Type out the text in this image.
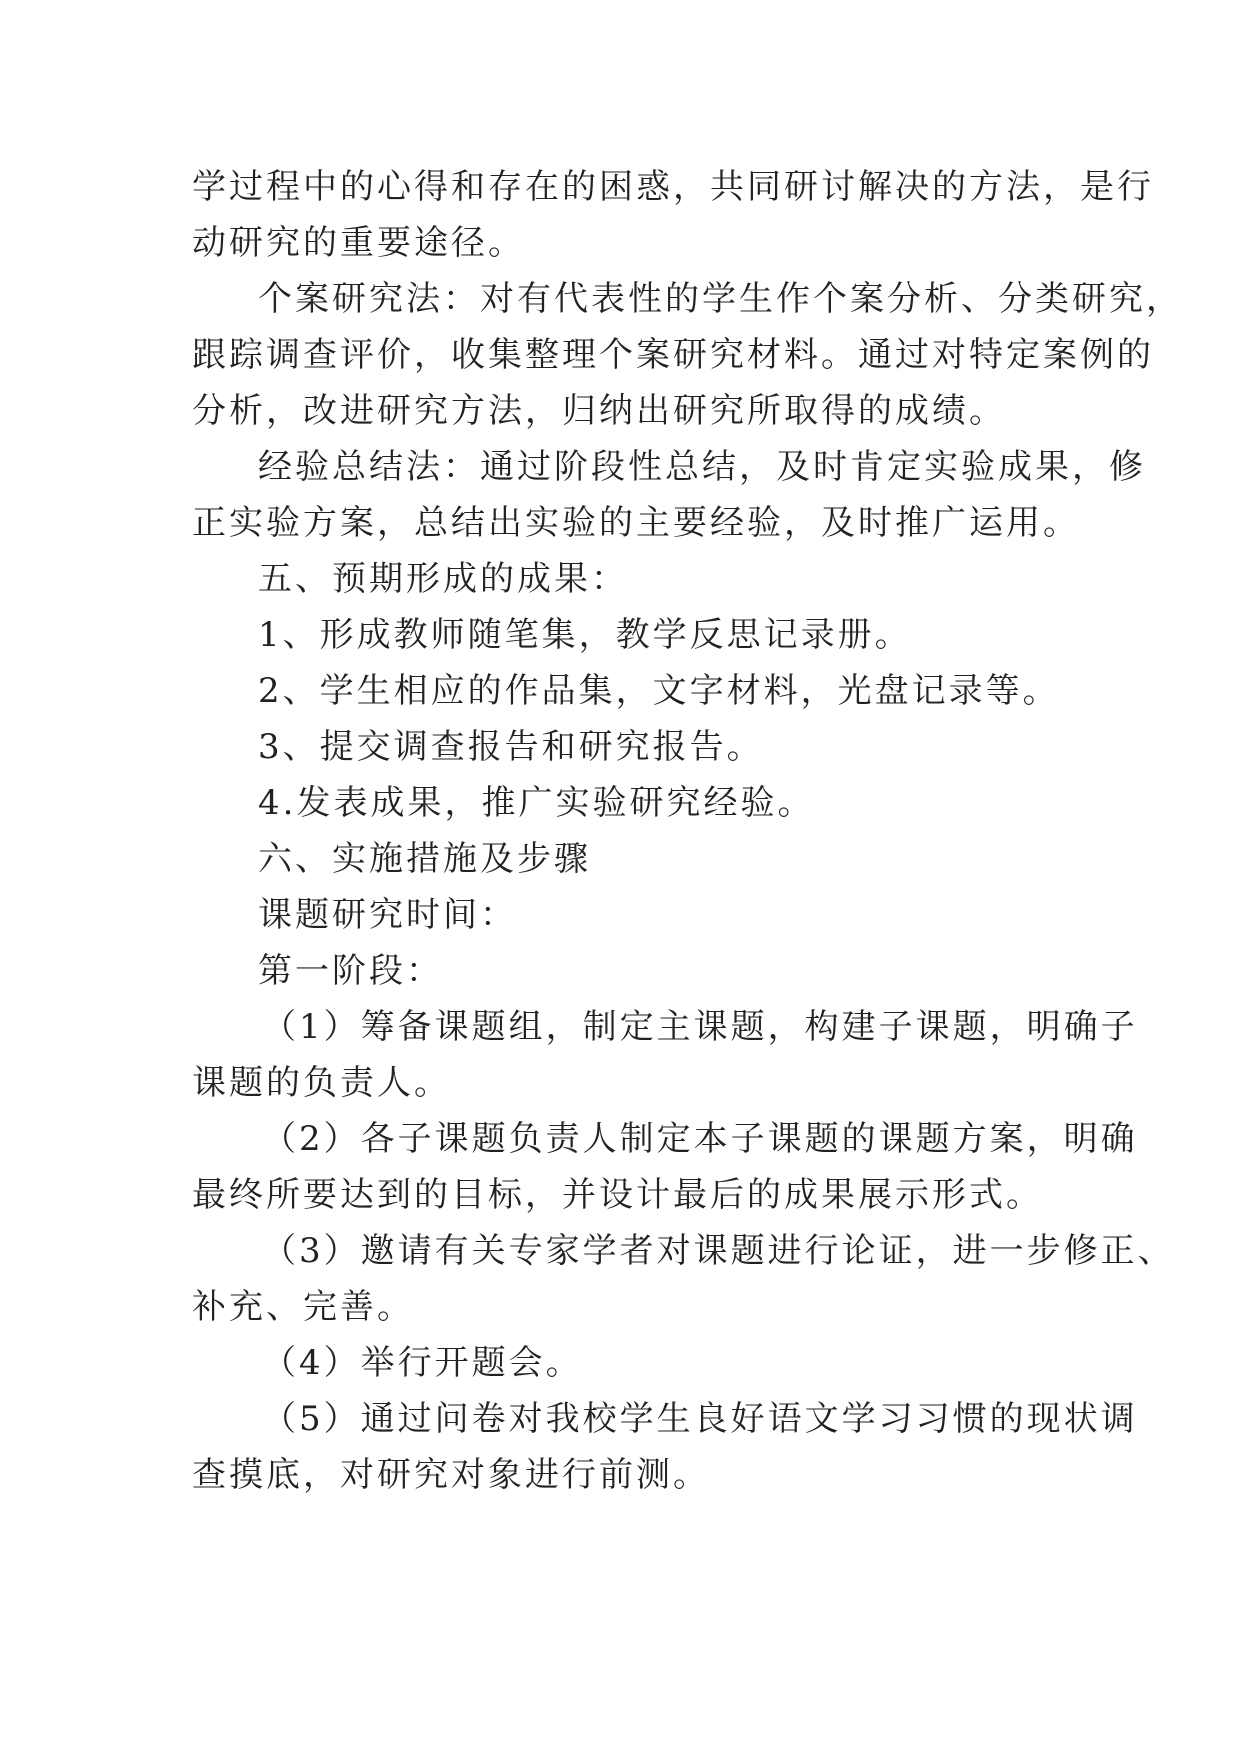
学过程中的心得和存在的困惑，共同研讨解决的方法，是行

动研究的重要途径。

个案研究法：对有代表性的学生作个案分析、分类研究，

跟踪调查评价，收集整理个案研究材料。通过对特定案例的

分析，改进研究方法，归纳出研究所取得的成绩。

经验总结法：通过阶段性总结，及时肯定实验成果，修

正实验方案，总结出实验的主要经验，及时推广运用。

五、预期形成的成果：

1、形成教师随笔集，教学反思记录册。

2、学生相应的作品集，文字材料，光盘记录等。

3、提交调查报告和研究报告。

4.发表成果，推广实验研究经验。

六、实施措施及步骤

课题研究时间：

第一阶段：

（1）筹备课题组，制定主课题，构建子课题，明确子

课题的负责人。

（2）各子课题负责人制定本子课题的课题方案，明确

最终所要达到的目标，并设计最后的成果展示形式。

（3）邀请有关专家学者对课题进行论证，进一步修正、

补充、完善。

（4）举行开题会。

（5）通过问卷对我校学生良好语文学习习惯的现状调

查摸底，对研究对象进行前测。
